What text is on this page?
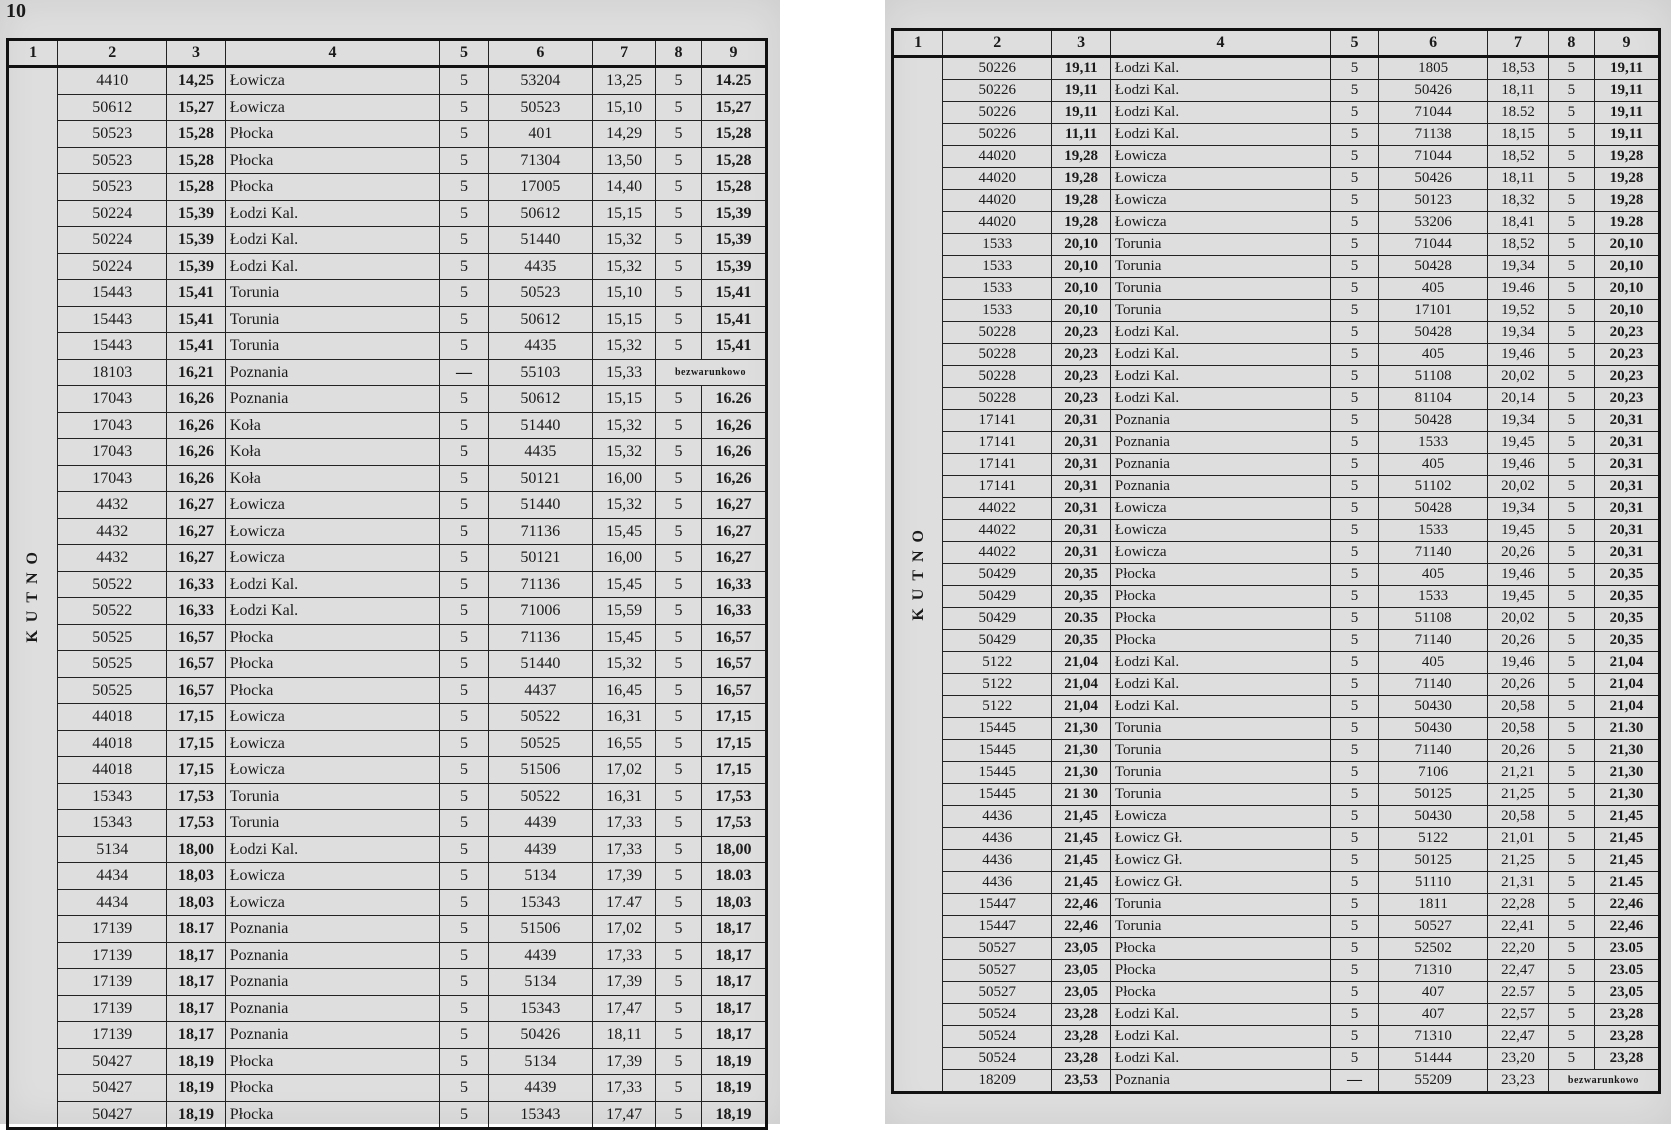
10
1	2	3	4	5	6	7	8	9
KUTNO	4410	14,25	Łowicza	5	53204	13,25	5	14.25
	50612	15,27	Łowicza	5	50523	15,10	5	15,27
	50523	15,28	Płocka	5	401	14,29	5	15,28
	50523	15,28	Płocka	5	71304	13,50	5	15,28
	50523	15,28	Płocka	5	17005	14,40	5	15,28
	50224	15,39	Łodzi Kal.	5	50612	15,15	5	15,39
	50224	15,39	Łodzi Kal.	5	51440	15,32	5	15,39
	50224	15,39	Łodzi Kal.	5	4435	15,32	5	15,39
	15443	15,41	Torunia	5	50523	15,10	5	15,41
	15443	15,41	Torunia	5	50612	15,15	5	15,41
	15443	15,41	Torunia	5	4435	15,32	5	15,41
	18103	16,21	Poznania	—	55103	15,33	bezwarunkowo	
	17043	16,26	Poznania	5	50612	15,15	5	16.26
	17043	16,26	Koła	5	51440	15,32	5	16,26
	17043	16,26	Koła	5	4435	15,32	5	16,26
	17043	16,26	Koła	5	50121	16,00	5	16,26
	4432	16,27	Łowicza	5	51440	15,32	5	16,27
	4432	16,27	Łowicza	5	71136	15,45	5	16,27
	4432	16,27	Łowicza	5	50121	16,00	5	16,27
	50522	16,33	Łodzi Kal.	5	71136	15,45	5	16,33
	50522	16,33	Łodzi Kal.	5	71006	15,59	5	16,33
	50525	16,57	Płocka	5	71136	15,45	5	16,57
	50525	16,57	Płocka	5	51440	15,32	5	16,57
	50525	16,57	Płocka	5	4437	16,45	5	16,57
	44018	17,15	Łowicza	5	50522	16,31	5	17,15
	44018	17,15	Łowicza	5	50525	16,55	5	17,15
	44018	17,15	Łowicza	5	51506	17,02	5	17,15
	15343	17,53	Torunia	5	50522	16,31	5	17,53
	15343	17,53	Torunia	5	4439	17,33	5	17,53
	5134	18,00	Łodzi Kal.	5	4439	17,33	5	18,00
	4434	18,03	Łowicza	5	5134	17,39	5	18.03
	4434	18,03	Łowicza	5	15343	17.47	5	18,03
	17139	18.17	Poznania	5	51506	17,02	5	18,17
	17139	18,17	Poznania	5	4439	17,33	5	18,17
	17139	18,17	Poznania	5	5134	17,39	5	18,17
	17139	18,17	Poznania	5	15343	17,47	5	18,17
	17139	18,17	Poznania	5	50426	18,11	5	18,17
	50427	18,19	Płocka	5	5134	17,39	5	18,19
	50427	18,19	Płocka	5	4439	17,33	5	18,19
	50427	18,19	Płocka	5	15343	17,47	5	18,19
1	2	3	4	5	6	7	8	9
KUTNO	50226	19,11	Łodzi Kal.	5	1805	18,53	5	19,11
	50226	19,11	Łodzi Kal.	5	50426	18,11	5	19,11
	50226	19,11	Łodzi Kal.	5	71044	18.52	5	19,11
	50226	11,11	Łodzi Kal.	5	71138	18,15	5	19,11
	44020	19,28	Łowicza	5	71044	18,52	5	19,28
	44020	19,28	Łowicza	5	50426	18,11	5	19,28
	44020	19,28	Łowicza	5	50123	18,32	5	19,28
	44020	19,28	Łowicza	5	53206	18,41	5	19.28
	1533	20,10	Torunia	5	71044	18,52	5	20,10
	1533	20,10	Torunia	5	50428	19,34	5	20,10
	1533	20,10	Torunia	5	405	19.46	5	20,10
	1533	20,10	Torunia	5	17101	19,52	5	20,10
	50228	20,23	Łodzi Kal.	5	50428	19,34	5	20,23
	50228	20,23	Łodzi Kal.	5	405	19,46	5	20,23
	50228	20,23	Łodzi Kal.	5	51108	20,02	5	20,23
	50228	20,23	Łodzi Kal.	5	81104	20,14	5	20,23
	17141	20,31	Poznania	5	50428	19,34	5	20,31
	17141	20,31	Poznania	5	1533	19,45	5	20,31
	17141	20,31	Poznania	5	405	19,46	5	20,31
	17141	20,31	Poznania	5	51102	20,02	5	20,31
	44022	20,31	Łowicza	5	50428	19,34	5	20,31
	44022	20,31	Łowicza	5	1533	19,45	5	20,31
	44022	20,31	Łowicza	5	71140	20,26	5	20,31
	50429	20,35	Płocka	5	405	19,46	5	20,35
	50429	20,35	Płocka	5	1533	19,45	5	20,35
	50429	20.35	Płocka	5	51108	20,02	5	20,35
	50429	20,35	Płocka	5	71140	20,26	5	20,35
	5122	21,04	Łodzi Kal.	5	405	19,46	5	21,04
	5122	21,04	Łodzi Kal.	5	71140	20,26	5	21,04
	5122	21,04	Łodzi Kal.	5	50430	20,58	5	21,04
	15445	21,30	Torunia	5	50430	20,58	5	21.30
	15445	21,30	Torunia	5	71140	20,26	5	21,30
	15445	21,30	Torunia	5	7106	21,21	5	21,30
	15445	21 30	Torunia	5	50125	21,25	5	21,30
	4436	21,45	Łowicza	5	50430	20,58	5	21,45
	4436	21,45	Łowicz Gł.	5	5122	21,01	5	21,45
	4436	21,45	Łowicz Gł.	5	50125	21,25	5	21,45
	4436	21,45	Łowicz Gł.	5	51110	21,31	5	21.45
	15447	22,46	Torunia	5	1811	22,28	5	22,46
	15447	22,46	Torunia	5	50527	22,41	5	22,46
	50527	23,05	Płocka	5	52502	22,20	5	23.05
	50527	23,05	Płocka	5	71310	22,47	5	23.05
	50527	23,05	Płocka	5	407	22.57	5	23,05
	50524	23,28	Łodzi Kal.	5	407	22,57	5	23,28
	50524	23,28	Łodzi Kal.	5	71310	22,47	5	23,28
	50524	23,28	Łodzi Kal.	5	51444	23,20	5	23,28
	18209	23,53	Poznania	—	55209	23,23	bezwarunkowo	
